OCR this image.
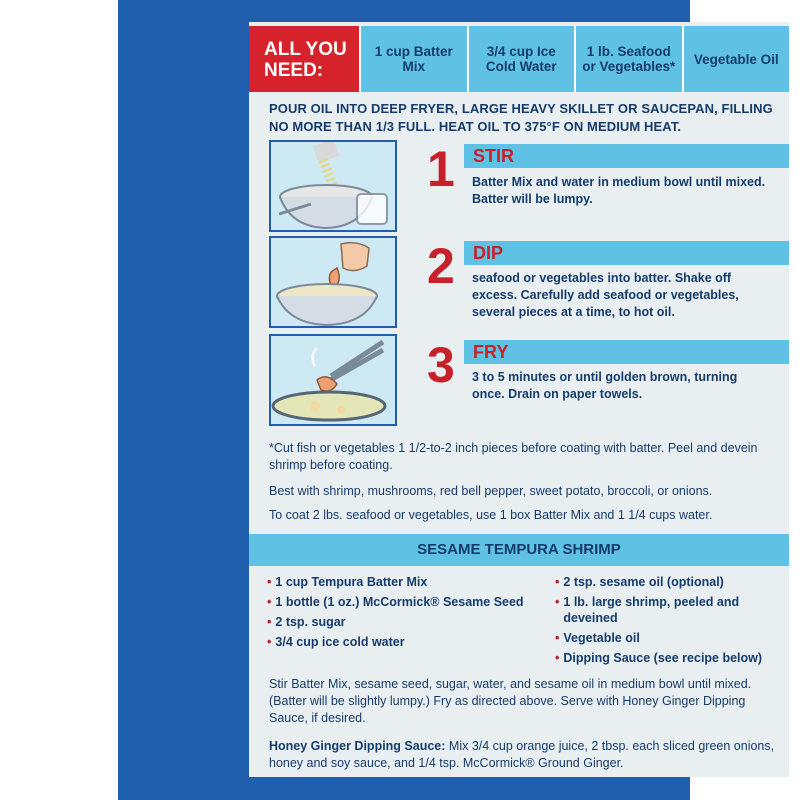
ALL YOU NEED:
1 cup Batter Mix
3/4 cup Ice Cold Water
1 lb. Seafood or Vegetables*	Vegetable Oil
POUR OIL INTO DEEP FRYER, LARGE HEAVY SKILLET OR SAUCEPAN, FILLING NO MORE THAN 1/3 FULL. HEAT OIL TO 375°F ON MEDIUM HEAT.
1	STIR
Batter Mix and water in medium bowl until mixed. Batter will be lumpy.
2	DIP
seafood or vegetables into batter. Shake off excess. Carefully add seafood or vegetables, several pieces at a time, to hot oil.
3	FRY
3 to 5 minutes or until golden brown, turning once. Drain on paper towels.
*Cut fish or vegetables 1 1/2-to-2 inch pieces before coating with batter. Peel and devein shrimp before coating.
Best with shrimp, mushrooms, red bell pepper, sweet potato, broccoli, or onions.
To coat 2 lbs. seafood or vegetables, use 1 box Batter Mix and 1 1/4 cups water.
SESAME TEMPURA SHRIMP
• 1 cup Tempura Batter Mix
• 1 bottle (1 oz.) McCormick® Sesame Seed
• 2 tsp. sugar
• 3/4 cup ice cold water
• 2 tsp. sesame oil (optional)
• 1 lb. large shrimp, peeled and deveined
• Vegetable oil
• Dipping Sauce (see recipe below)
Stir Batter Mix, sesame seed, sugar, water, and sesame oil in medium bowl until mixed. (Batter will be slightly lumpy.) Fry as directed above. Serve with Honey Ginger Dipping Sauce, if desired.
Honey Ginger Dipping Sauce: Mix 3/4 cup orange juice, 2 tbsp. each sliced green onions, honey and soy sauce, and 1/4 tsp. McCormick® Ground Ginger.
